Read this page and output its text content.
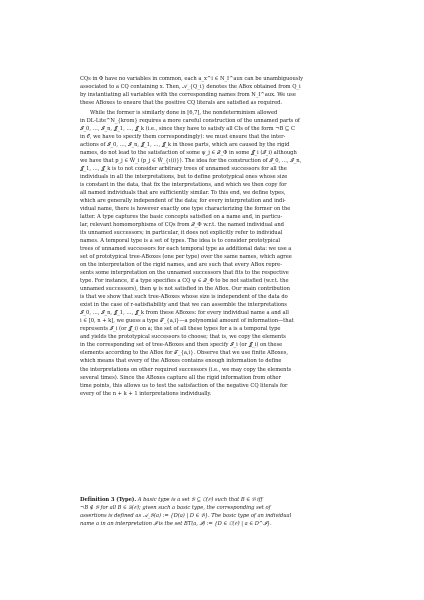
CQs in Φ have no variables in common, each a_x^i ∈ N_I^aux can be unambiguously
associated to a CQ containing x. Then, 𝒜_{Q_i} denotes the ABox obtained from Q_i
by instantiating all variables with the corresponding names from N_I^aux. We use
these ABoxes to ensure that the positive CQ literals are satisfied as required.
While the former is similarly done in [6,7], the nondeterminism allowed
in DL-Lite^N_{krom} requires a more careful construction of the unnamed parts of
𝓘_0, …, 𝓘_n, 𝓙_1, …, 𝓙_k (i.e., since they have to satisfy all CIs of the form ¬B ⊑ C
in 𝒪, we have to specify them correspondingly): we must ensure that the inter-
actions of 𝓘_0, …, 𝓘_n, 𝓙_1, …, 𝓙_k in those parts, which are caused by the rigid
names, do not lead to the satisfaction of some ψ_j ∈ 𝒬_Φ in some 𝓙_i (𝓘_i) although
we have that p_j ∈ W̄_i (p_j ∈ W̄_{ι(i)}). The idea for the construction of 𝓘_0, …, 𝓘_n,
𝓙_1, …, 𝓙_k is to not consider arbitrary trees of unnamed successors for all the
individuals in all the interpretations, but to define prototypical ones whose size
is constant in the data, that fix the interpretations, and which we then copy for
all named individuals that are sufficiently similar. To this end, we define types,
which are generally independent of the data; for every interpretation and indi-
vidual name, there is however exactly one type characterizing the former on the
latter. A type captures the basic concepts satisfied on a name and, in particu-
lar, relevant homomorphisms of CQs from 𝒬_Φ w.r.t. the named individual and
its unnamed successors; in particular, it does not explicitly refer to individual
names. A temporal type is a set of types. The idea is to consider prototypical
trees of unnamed successors for each temporal type as additional data: we use a
set of prototypical tree-ABoxes (one per type) over the same names, which agree
on the interpretation of the rigid names, and are such that every ABox repre-
sents some interpretation on the unnamed successors that fits to the respective
type. For instance, if a type specifies a CQ ψ ∈ 𝒬_Φ to be not satisfied (w.r.t. the
unnamed successors), then ψ is not satisfied in the ABox. Our main contribution
is that we show that such tree-ABoxes whose size is independent of the data do
exist in the case of r-satisfiability and that we can assemble the interpretations
𝓘_0, …, 𝓘_n, 𝓙_1, …, 𝓙_k from these ABoxes: for every individual name a and all
i ∈ [0, n + k], we guess a type 𝒯_{a,i}—a polynomial amount of information—that
represents 𝓘_i (or 𝓙_i) on a; the set of all these types for a is a temporal type
and yields the prototypical successors to choose; that is, we copy the elements
in the corresponding set of tree-ABoxes and then specify 𝓘_i (or 𝓙_i) on these
elements according to the ABox for 𝒯_{a,i}. Observe that we use finite ABoxes,
which means that every of the ABoxes contains enough information to define
the interpretations on other required successors (i.e., we may copy the elements
several times). Since the ABoxes capture all the rigid information from other
time points, this allows us to test the satisfaction of the negative CQ literals for
every of the n + k + 1 interpretations individually.
Definition 3 (Type). A basic type is a set 𝔅 ⊆ ℂ(𝒪) such that B ∈ 𝔅 iff
¬B ∉ 𝔅 for all B ∈ 𝔹(𝒪); given such a basic type, the corresponding set of
assertions is defined as 𝒜_𝔅(a) := {D(a) | D ∈ 𝔅}. The basic type of an individual
name a in an interpretation 𝓘 is the set BT(a, 𝓘) := {D ∈ ℂ(𝒪) | a ∈ D^𝓘}.
